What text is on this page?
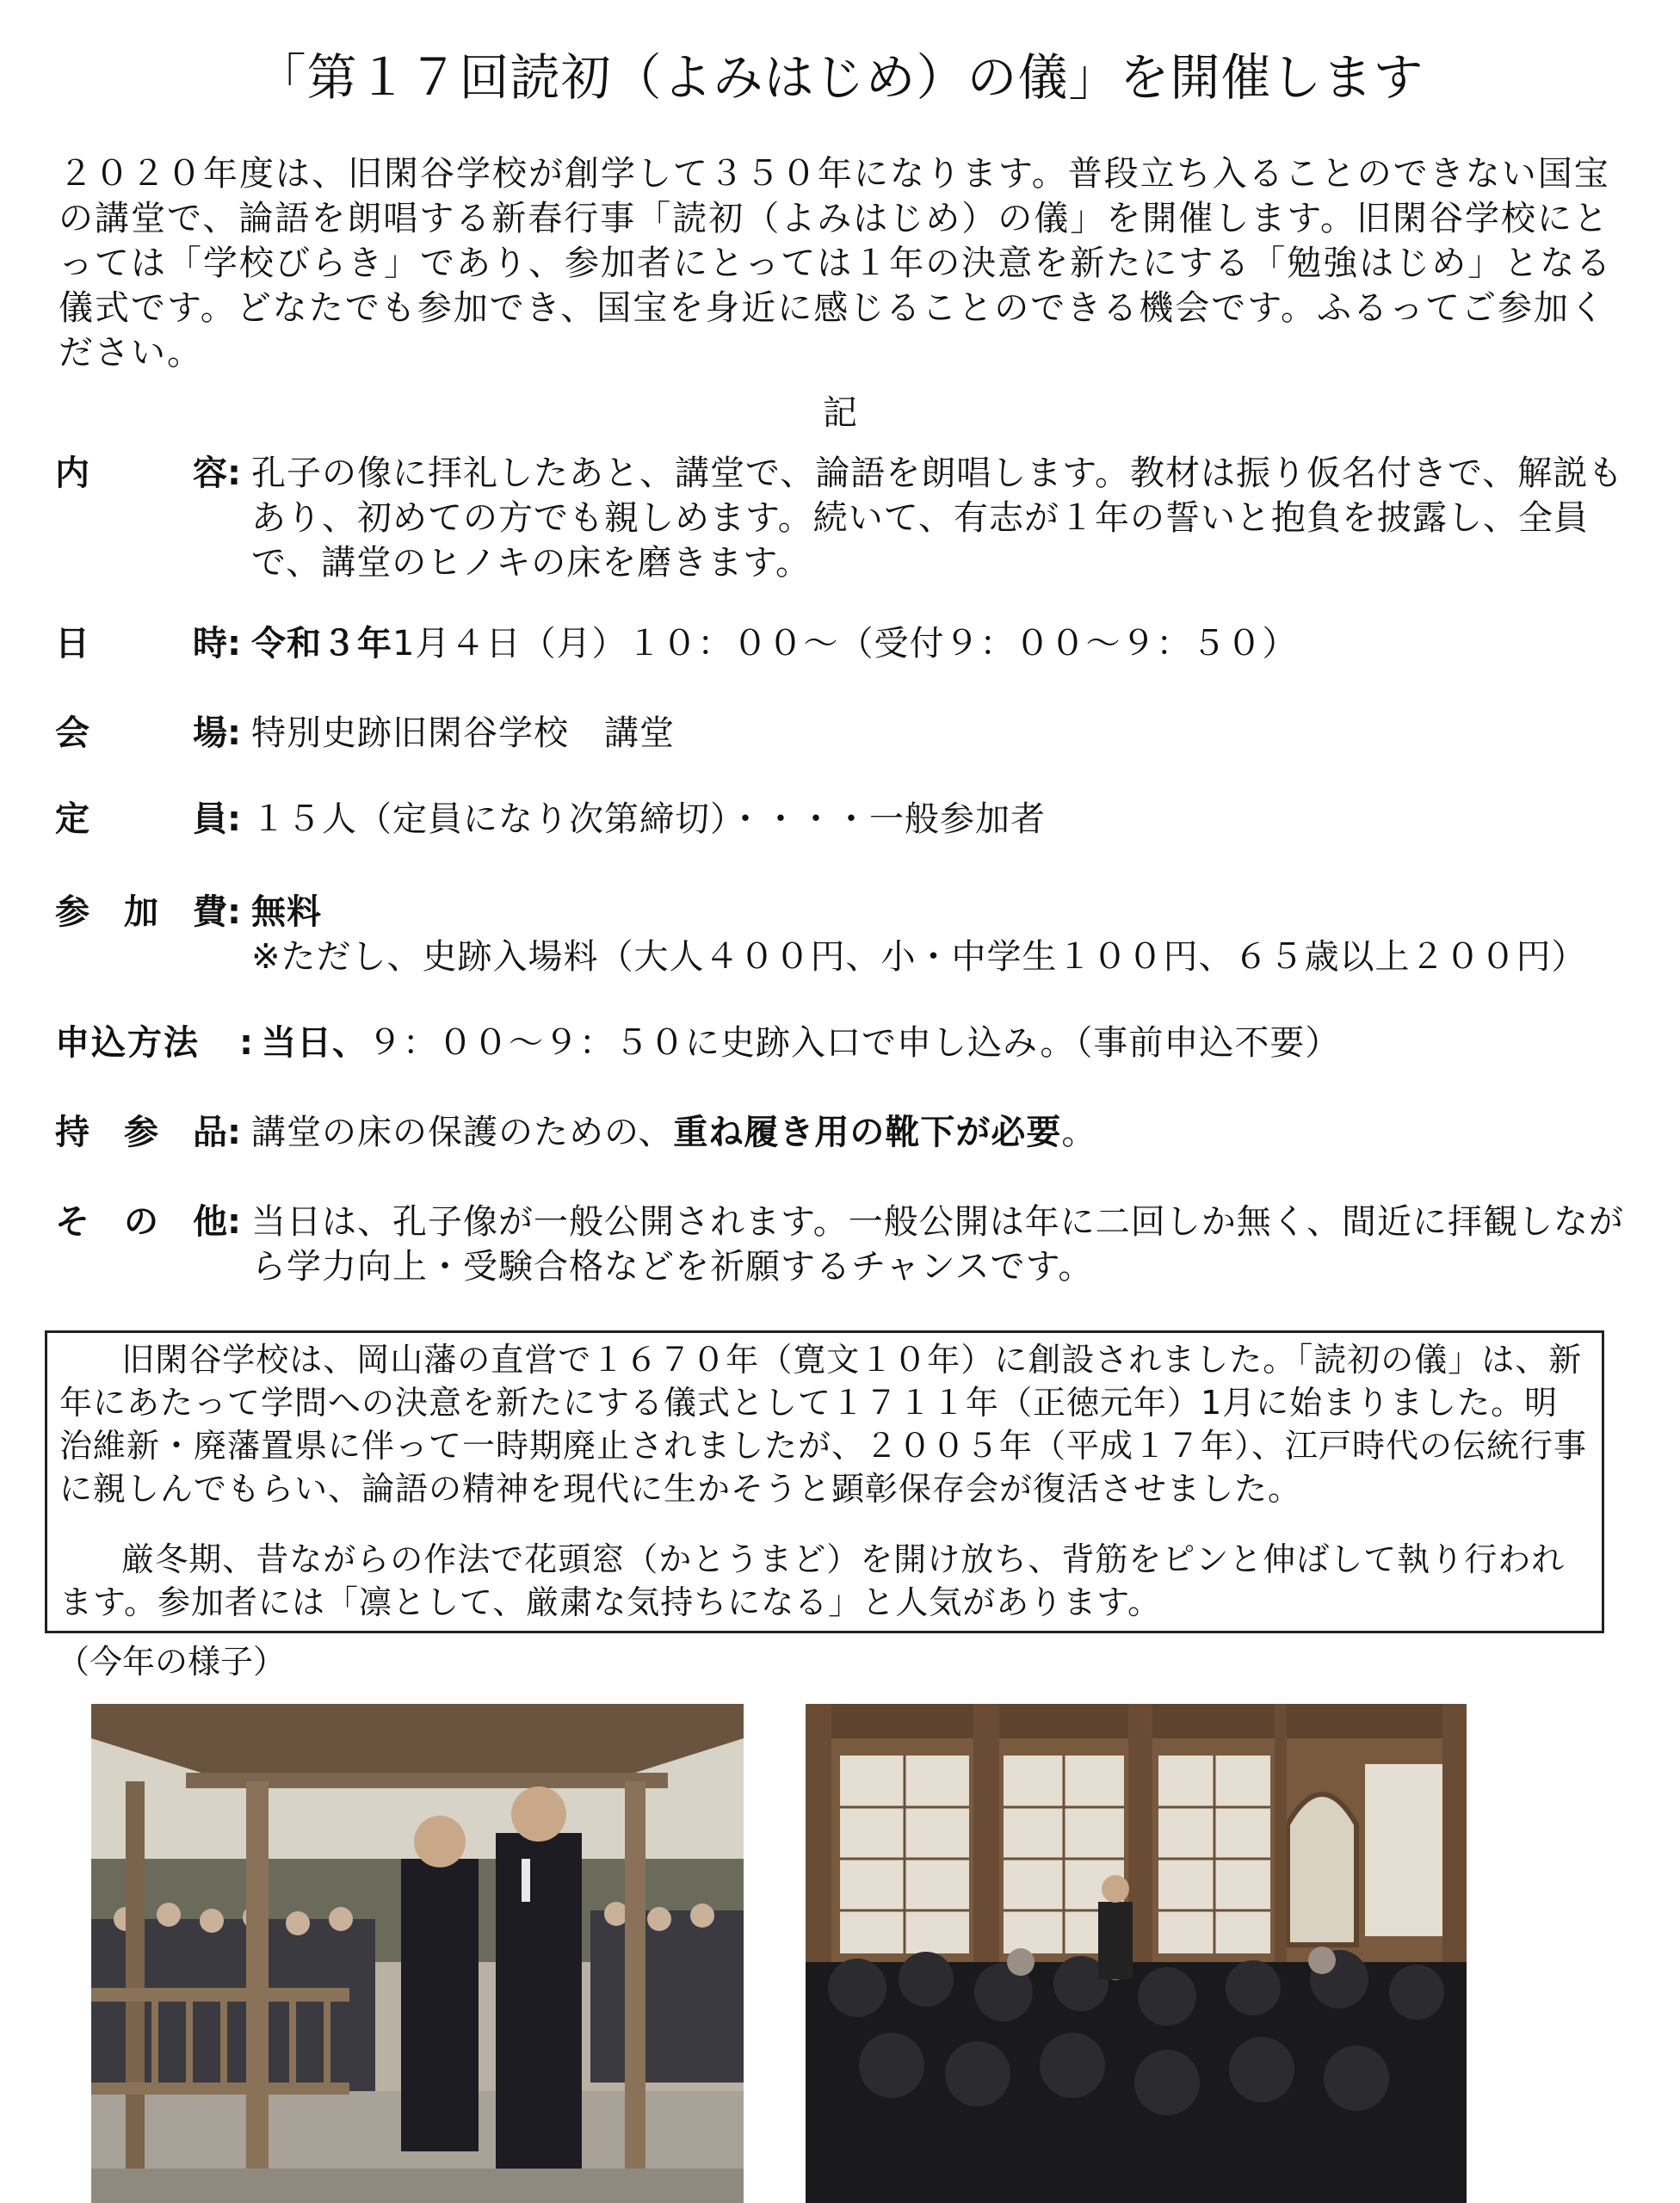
「第１７回読初（よみはじめ）の儀」を開催します

２０２０年度は、旧閑谷学校が創学して３５０年になります。普段立ち入ることのできない国宝の講堂で、論語を朗唱する新春行事「読初（よみはじめ）の儀」を開催します。旧閑谷学校にとっては「学校びらき」であり、参加者にとっては１年の決意を新たにする「勉強はじめ」となる儀式です。どなたでも参加でき、国宝を身近に感じることのできる機会です。ふるってご参加ください。

記
内	容 : 孔子の像に拝礼したあと、講堂で、論語を朗唱します。教材は振り仮名付きで、解説もあり、初めての方でも親しめます。続いて、有志が１年の誓いと抱負を披露し、全員で、講堂のヒノキの床を磨きます。
日	時 : 令和３年1月４日（月）１０：００～（受付９：００～９：５０）
会	場 : 特別史跡旧閑谷学校　講堂
定	員 : １５人（定員になり次第締切）・・・・一般参加者
参 加 費 : 無料
※ただし、史跡入場料（大人４００円、小・中学生１００円、６５歳以上２００円）
申込方法	: 当日、９：００～９：５０に史跡入口で申し込み。（事前申込不要）
持 参 品 : 講堂の床の保護のための、重ね履き用の靴下が必要。
そ の 他 : 当日は、孔子像が一般公開されます。一般公開は年に二回しか無く、間近に拝観しながら学力向上・受験合格などを祈願するチャンスです。

旧閑谷学校は、岡山藩の直営で１６７０年（寛文１０年）に創設されました。「読初の儀」は、新年にあたって学問への決意を新たにする儀式として１７１１年（正徳元年）1月に始まりました。明治維新・廃藩置県に伴って一時期廃止されましたが、２００５年（平成１７年）、江戸時代の伝統行事に親しんでもらい、論語の精神を現代に生かそうと顕彰保存会が復活させました。

厳冬期、昔ながらの作法で花頭窓（かとうまど）を開け放ち、背筋をピンと伸ばして執り行われます。参加者には「凛として、厳粛な気持ちになる」と人気があります。

（今年の様子）
